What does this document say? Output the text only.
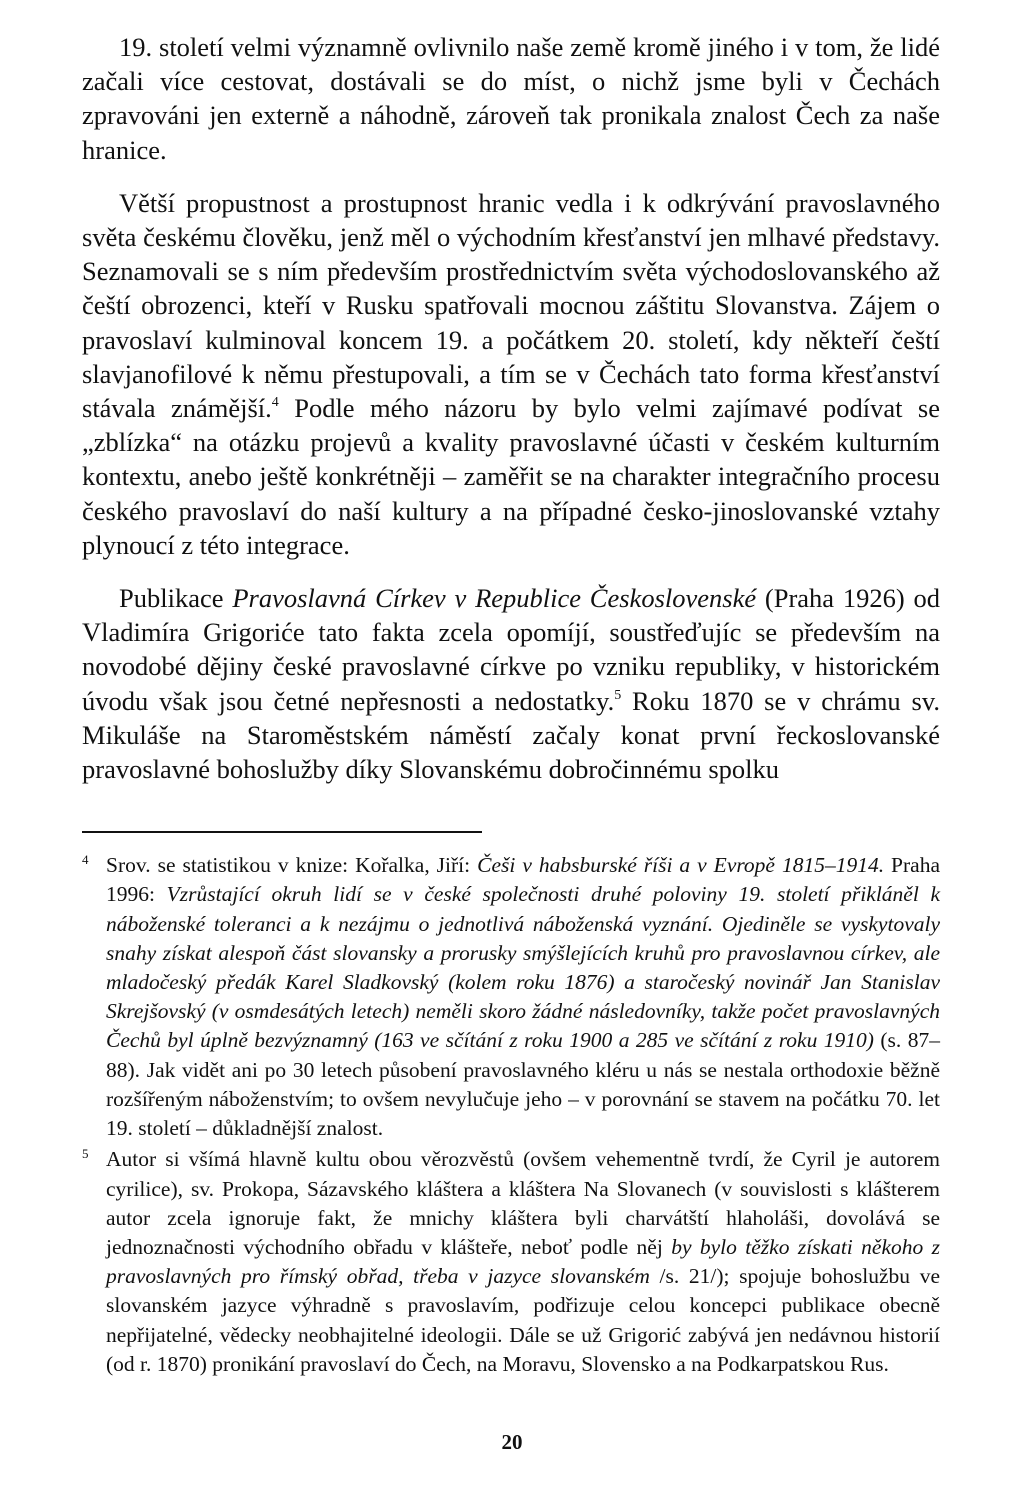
19. století velmi významně ovlivnilo naše země kromě jiného i v tom, že lidé začali více cestovat, dostávali se do míst, o nichž jsme byli v Čechách zpravováni jen externě a náhodně, zároveň tak pronikala znalost Čech za naše hranice.

Větší propustnost a prostupnost hranic vedla i k odkrývání pravoslavného světa českému člověku, jenž měl o východním křesťanství jen mlhavé představy. Seznamovali se s ním především prostřednictvím světa východoslovanského až čeští obrozenci, kteří v Rusku spatřovali mocnou záštitu Slovanstva. Zájem o pravoslaví kulminoval koncem 19. a počátkem 20. století, kdy někteří čeští slavjanofilové k němu přestupovali, a tím se v Čechách tato forma křesťanství stávala známější.$^4$ Podle mého názoru by bylo velmi zajímavé podívat se „zblízka“ na otázku projevů a kvality pravoslavné účasti v českém kulturním kontextu, anebo ještě konkrétněji – zaměřit se na charakter integračního procesu českého pravoslaví do naší kultury a na případné česko-jinoslovanské vztahy plynoucí z této integrace.

Publikace Pravoslavná Církev v Republice Československé (Praha 1926) od Vladimíra Grigoriće tato fakta zcela opomíjí, soustřeďujíc se především na novodobé dějiny české pravoslavné církve po vzniku republiky, v historickém úvodu však jsou četné nepřesnosti a nedostatky.$^5$ Roku 1870 se v chrámu sv. Mikuláše na Staroměstském náměstí začaly konat první řeckoslovanské pravoslavné bohoslužby díky Slovanskému dobročinnému spolku

4 Srov. se statistikou v knize: Kořalka, Jiří: Češi v habsburské říši a v Evropě 1815–1914. Praha 1996: Vzrůstající okruh lidí se v české společnosti druhé poloviny 19. století přikláněl k náboženské toleranci a k nezájmu o jednotlivá náboženská vyznání. Ojediněle se vyskytovaly snahy získat alespoň část slovansky a prorusky smýšlejících kruhů pro pravoslavnou církev, ale mladočeský předák Karel Sladkovský (kolem roku 1876) a staročeský novinář Jan Stanislav Skrejšovský (v osmdesátých letech) neměli skoro žádné následovníky, takže počet pravoslavných Čechů byl úplně bezvýznamný (163 ve sčítání z roku 1900 a 285 ve sčítání z roku 1910) (s. 87–88). Jak vidět ani po 30 letech působení pravoslavného kléru u nás se nestala orthodoxie běžně rozšířeným náboženstvím; to ovšem nevylučuje jeho – v porovnání se stavem na počátku 70. let 19. století – důkladnější znalost.
5 Autor si všímá hlavně kultu obou věrozvěstů (ovšem vehementně tvrdí, že Cyril je autorem cyrilice), sv. Prokopa, Sázavského kláštera a kláštera Na Slovanech (v souvislosti s klášterem autor zcela ignoruje fakt, že mnichy kláštera byli charvátští hlaholáši, dovolává se jednoznačnosti východního obřadu v klášteře, neboť podle něj by bylo těžko získati někoho z pravoslavných pro římský obřad, třeba v jazyce slovanském /s. 21/); spojuje bohoslužbu ve slovanském jazyce výhradně s pravoslavím, podřizuje celou koncepci publikace obecně nepřijatelné, vědecky neobhajitelné ideologii. Dále se už Grigorić zabývá jen nedávnou historií (od r. 1870) pronikání pravoslaví do Čech, na Moravu, Slovensko a na Podkarpatskou Rus.
20
